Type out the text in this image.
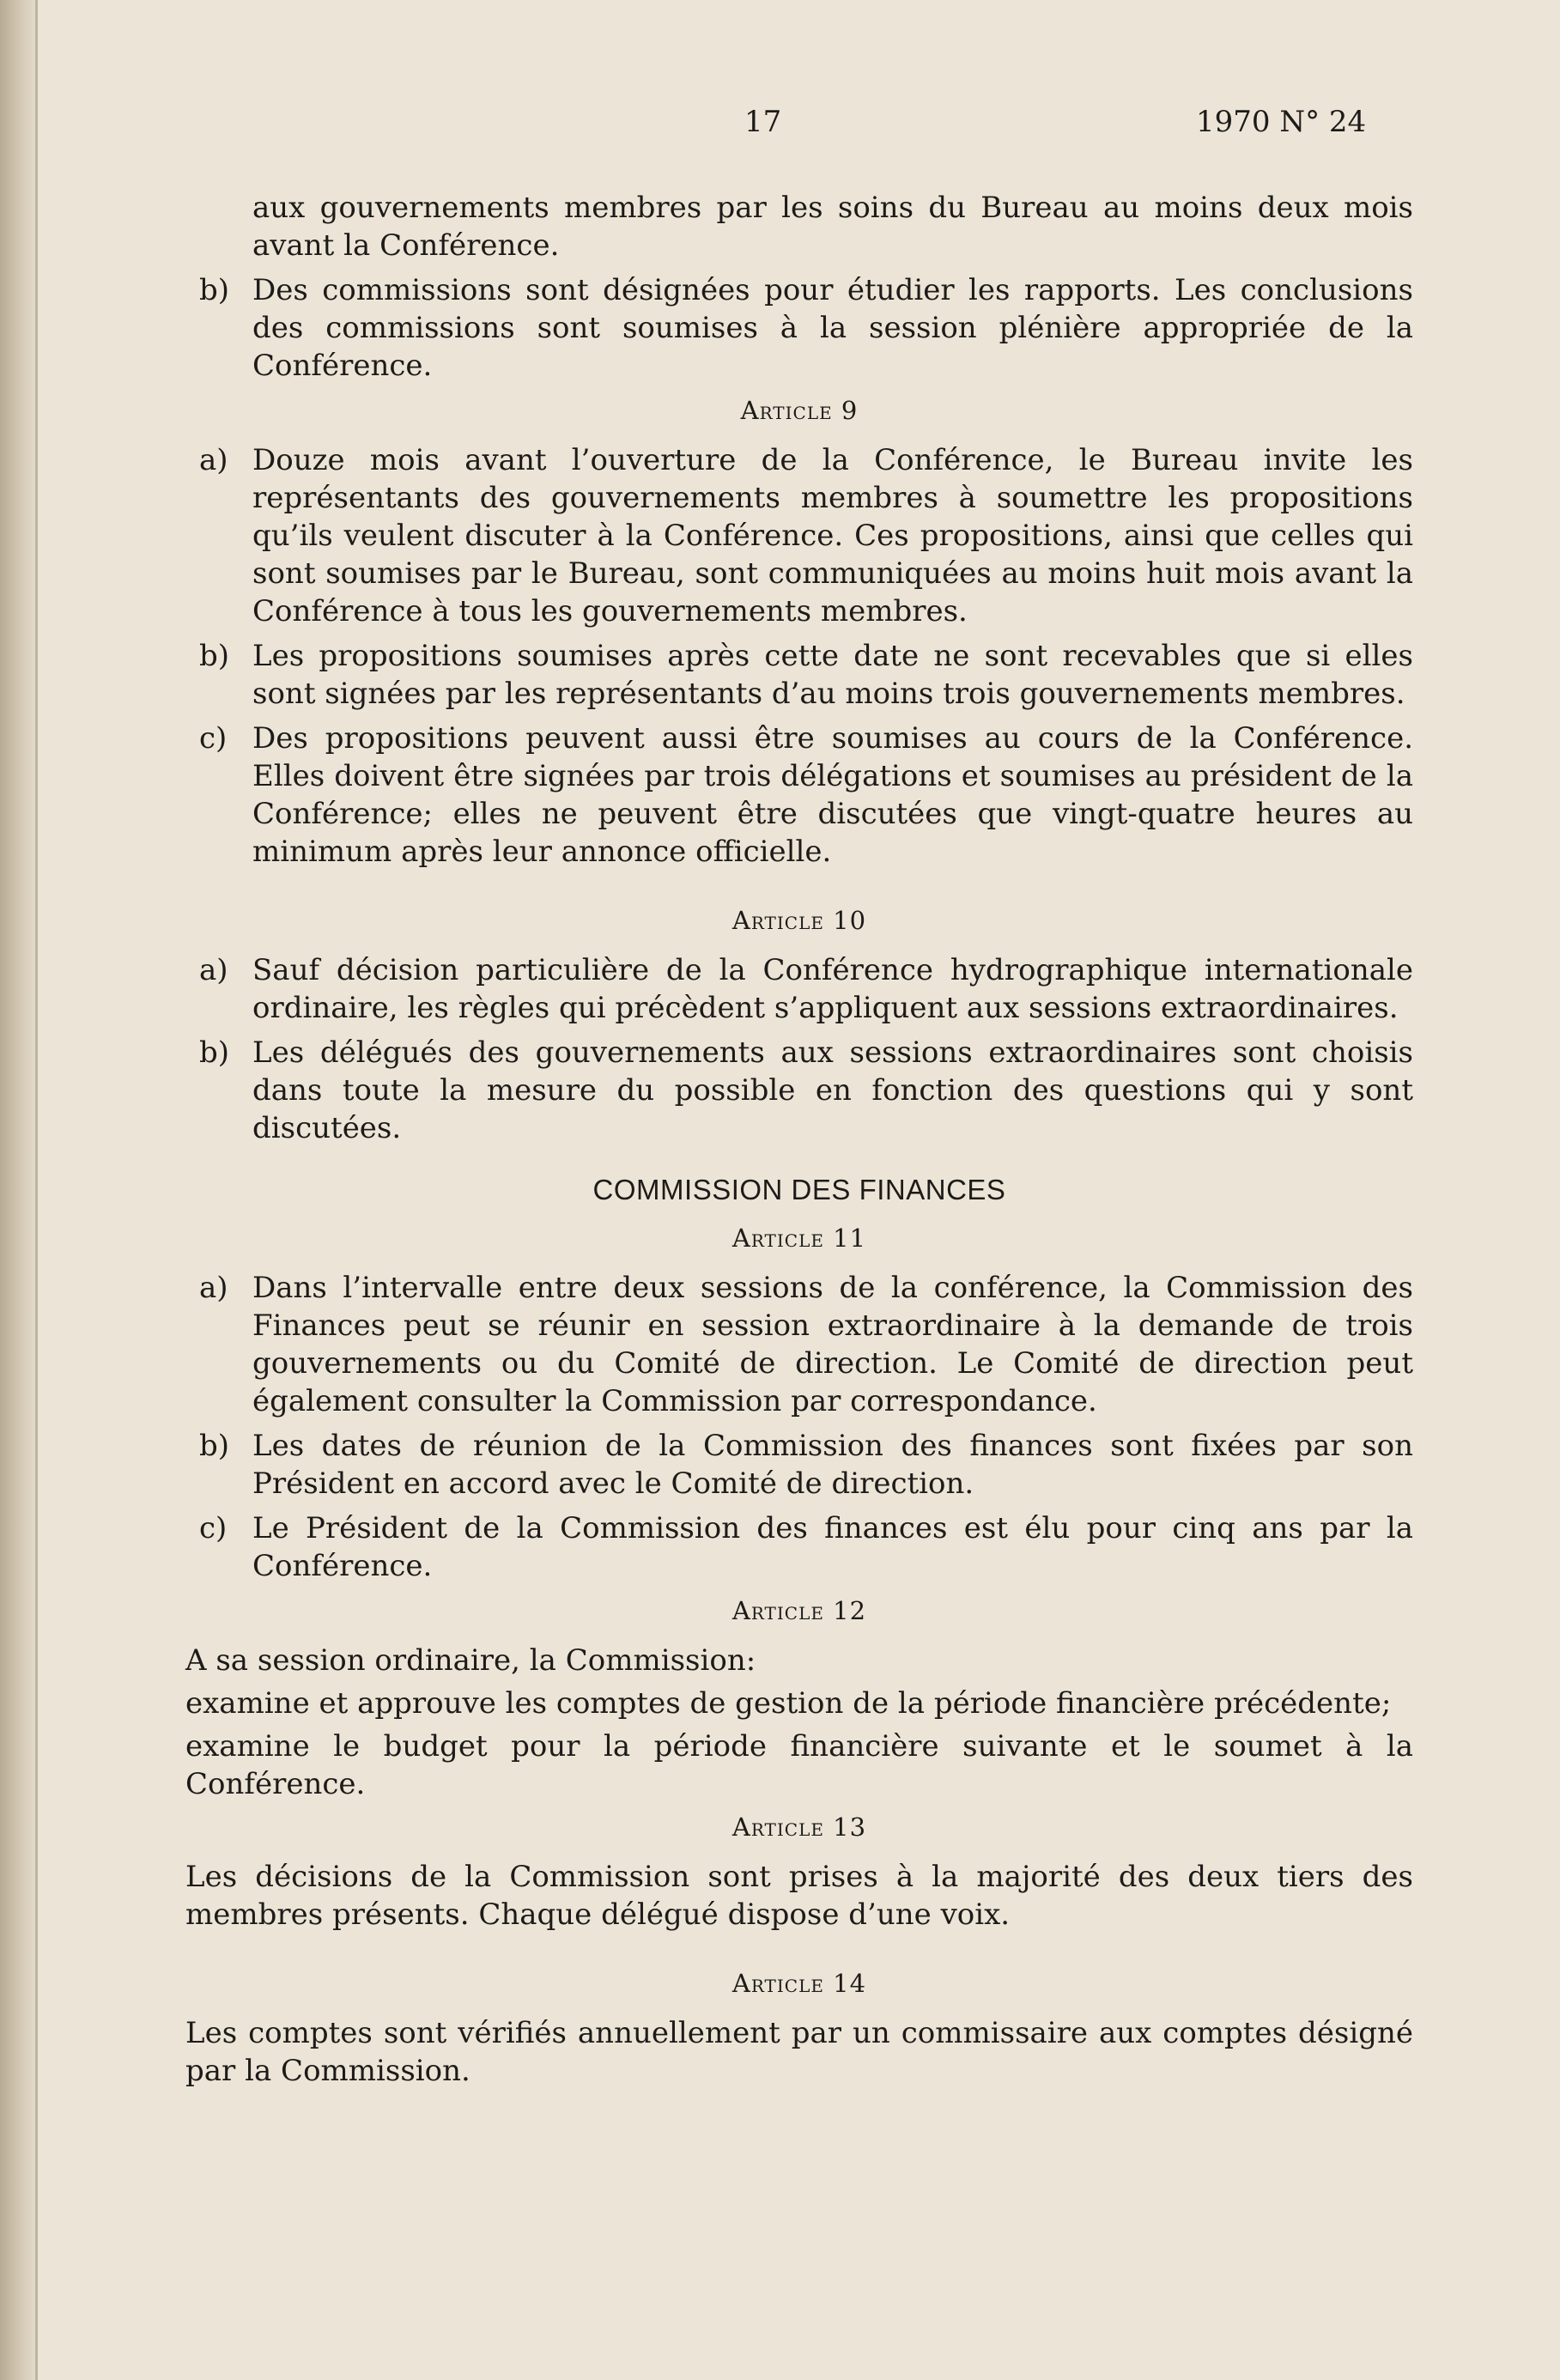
17	1970 N° 24

aux gouvernements membres par les soins du Bureau au moins deux mois avant la Conférence.

b) Des commissions sont désignées pour étudier les rapports. Les conclusions des commissions sont soumises à la session plénière appropriée de la Conférence.
Article 9
a) Douze mois avant l’ouverture de la Conférence, le Bureau invite les représentants des gouvernements membres à soumettre les propositions qu’ils veulent discuter à la Conférence. Ces propositions, ainsi que celles qui sont soumises par le Bureau, sont communiquées au moins huit mois avant la Conférence à tous les gouvernements membres.
b) Les propositions soumises après cette date ne sont recevables que si elles sont signées par les représentants d’au moins trois gouvernements membres.
c) Des propositions peuvent aussi être soumises au cours de la Conférence. Elles doivent être signées par trois délégations et soumises au président de la Conférence; elles ne peuvent être discutées que vingt-quatre heures au minimum après leur annonce officielle.
Article 10
a) Sauf décision particulière de la Conférence hydrographique internationale ordinaire, les règles qui précèdent s’appliquent aux sessions extraordinaires.
b) Les délégués des gouvernements aux sessions extraordinaires sont choisis dans toute la mesure du possible en fonction des questions qui y sont discutées.
COMMISSION DES FINANCES
Article 11
a) Dans l’intervalle entre deux sessions de la conférence, la Commission des Finances peut se réunir en session extraordinaire à la demande de trois gouvernements ou du Comité de direction. Le Comité de direction peut également consulter la Commission par correspondance.
b) Les dates de réunion de la Commission des finances sont fixées par son Président en accord avec le Comité de direction.
c) Le Président de la Commission des finances est élu pour cinq ans par la Conférence.
Article 12

A sa session ordinaire, la Commission:

examine et approuve les comptes de gestion de la période financière précédente;

examine le budget pour la période financière suivante et le soumet à la Conférence.

Article 13

Les décisions de la Commission sont prises à la majorité des deux tiers des membres présents. Chaque délégué dispose d’une voix.

Article 14

Les comptes sont vérifiés annuellement par un commissaire aux comptes désigné par la Commission.
